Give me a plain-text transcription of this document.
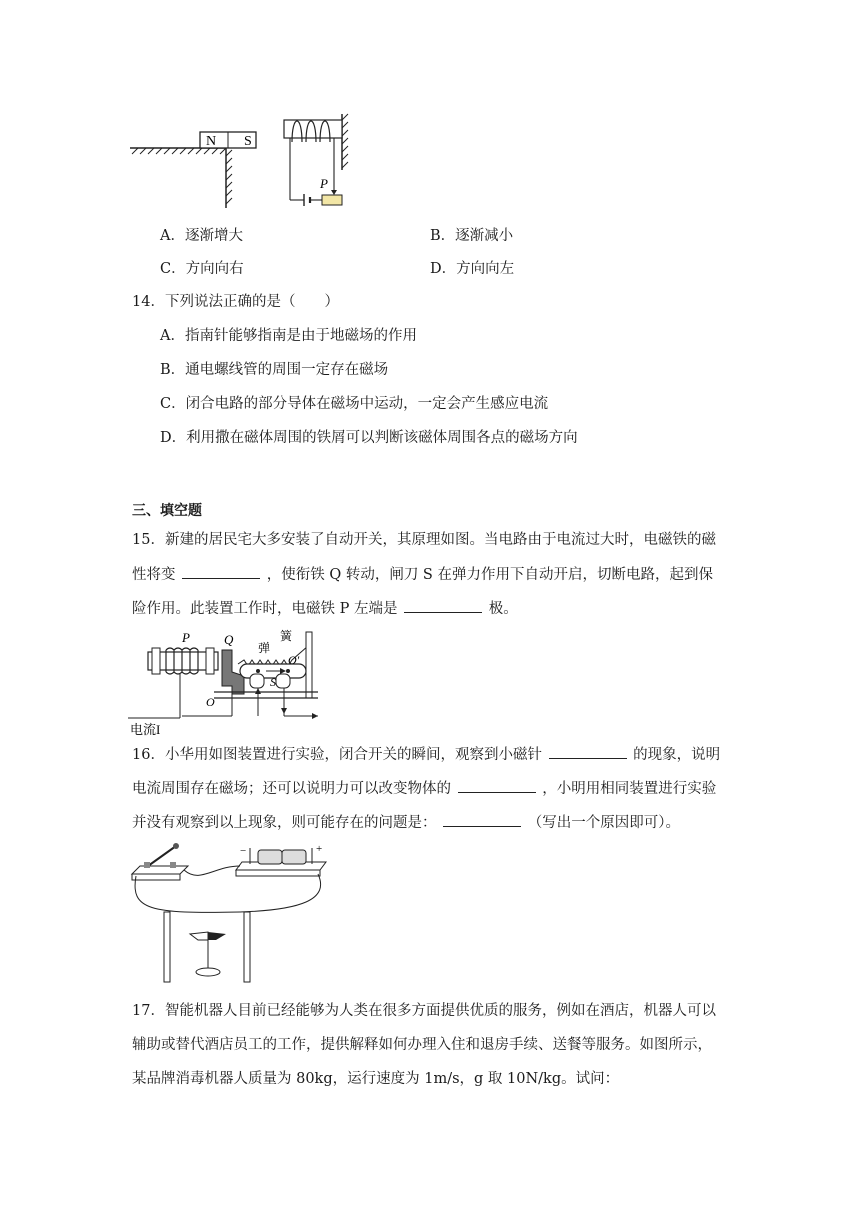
N S
P
A．逐渐增大	B．逐渐减小
C．方向向右	D．方向向左
14．下列说法正确的是（　　）
A．指南针能够指南是由于地磁场的作用
B．通电螺线管的周围一定存在磁场
C．闭合电路的部分导体在磁场中运动，一定会产生感应电流
D．利用撒在磁体周围的铁屑可以判断该磁体周围各点的磁场方向
三、填空题
15．新建的居民宅大多安装了自动开关，其原理如图。当电路由于电流过大时，电磁铁的磁
性将变	，使衔铁 Q 转动，闸刀 S 在弹力作用下自动开启，切断电路，起到保
险作用。此装置工作时，电磁铁 P 左端是	极。
P	Q
弹
簧
O′
S
O
电流I
16．小华用如图装置进行实验，闭合开关的瞬间，观察到小磁针	的现象，说明
电流周围存在磁场；还可以说明力可以改变物体的	，小明用相同装置进行实验
并没有观察到以上现象，则可能存在的问题是：	（写出一个原因即可）。
−	+
17．智能机器人目前已经能够为人类在很多方面提供优质的服务，例如在酒店，机器人可以
辅助或替代酒店员工的工作，提供解释如何办理入住和退房手续、送餐等服务。如图所示，
某品牌消毒机器人质量为 80kg，运行速度为 1m/s，g 取 10N/kg。试问：
